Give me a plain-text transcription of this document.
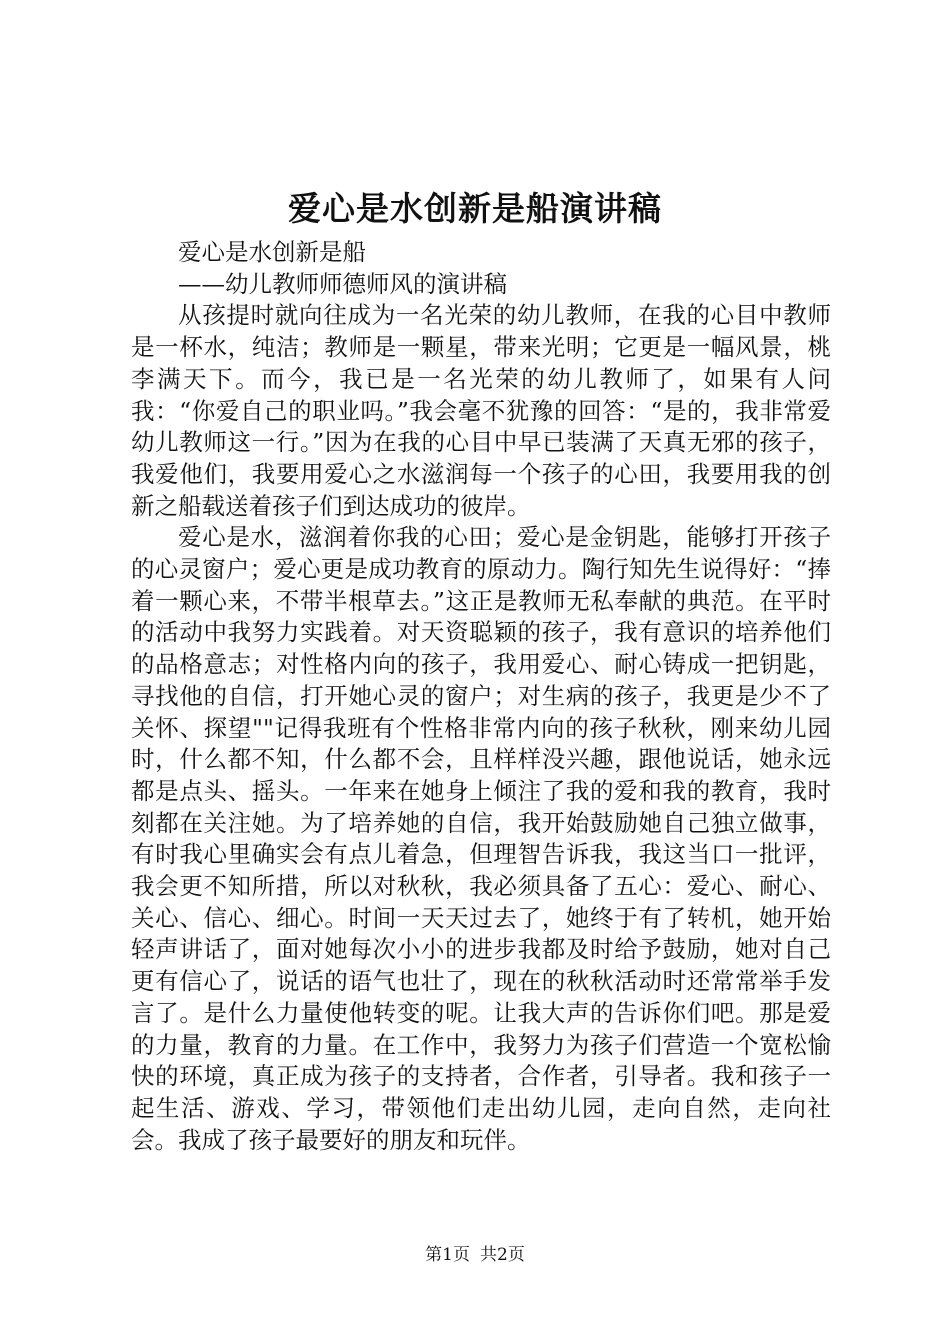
爱心是水创新是船演讲稿

爱心是水创新是船

——幼儿教师师德师风的演讲稿

从孩提时就向往成为一名光荣的幼儿教师，在我的心目中教师是一杯水，纯洁；教师是一颗星，带来光明；它更是一幅风景，桃李满天下。而今，我已是一名光荣的幼儿教师了，如果有人问我：“你爱自己的职业吗。”我会毫不犹豫的回答：“是的，我非常爱幼儿教师这一行。”因为在我的心目中早已装满了天真无邪的孩子，我爱他们，我要用爱心之水滋润每一个孩子的心田，我要用我的创新之船载送着孩子们到达成功的彼岸。

爱心是水，滋润着你我的心田；爱心是金钥匙，能够打开孩子的心灵窗户；爱心更是成功教育的原动力。陶行知先生说得好：“捧着一颗心来，不带半根草去。”这正是教师无私奉献的典范。在平时的活动中我努力实践着。对天资聪颖的孩子，我有意识的培养他们的品格意志；对性格内向的孩子，我用爱心、耐心铸成一把钥匙，寻找他的自信，打开她心灵的窗户；对生病的孩子，我更是少不了关怀、探望""记得我班有个性格非常内向的孩子秋秋，刚来幼儿园时，什么都不知，什么都不会，且样样没兴趣，跟他说话，她永远都是点头、摇头。一年来在她身上倾注了我的爱和我的教育，我时刻都在关注她。为了培养她的自信，我开始鼓励她自己独立做事，有时我心里确实会有点儿着急，但理智告诉我，我这当口一批评，我会更不知所措，所以对秋秋，我必须具备了五心：爱心、耐心、关心、信心、细心。时间一天天过去了，她终于有了转机，她开始轻声讲话了，面对她每次小小的进步我都及时给予鼓励，她对自己更有信心了，说话的语气也壮了，现在的秋秋活动时还常常举手发言了。是什么力量使他转变的呢。让我大声的告诉你们吧。那是爱的力量，教育的力量。在工作中，我努力为孩子们营造一个宽松愉快的环境，真正成为孩子的支持者，合作者，引导者。我和孩子一起生活、游戏、学习，带领他们走出幼儿园，走向自然，走向社会。我成了孩子最要好的朋友和玩伴。

第1页 共2页
